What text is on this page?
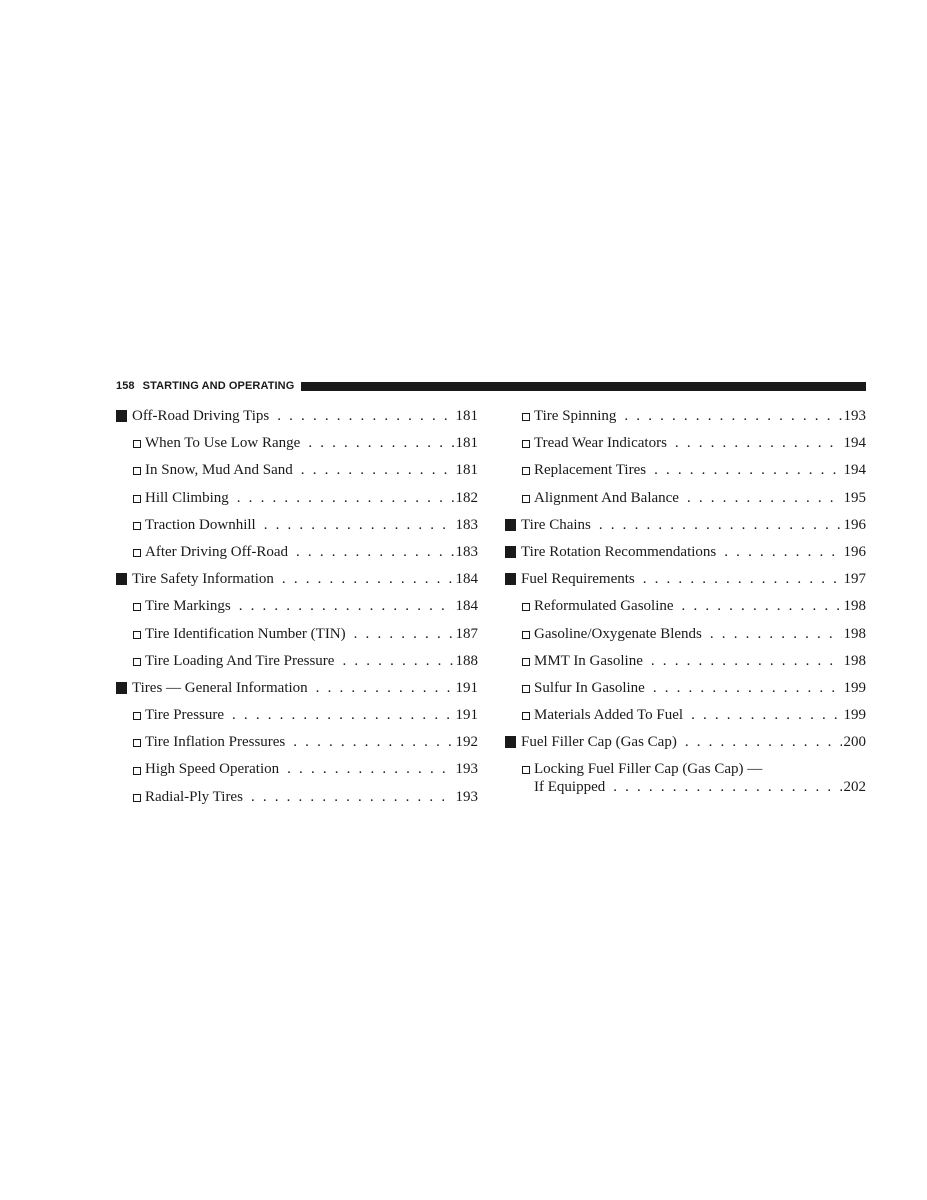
158 STARTING AND OPERATING
Off-Road Driving Tips . . .	181
When To Use Low Range . . .	181
In Snow, Mud And Sand . . .	181
Hill Climbing . . .	182
Traction Downhill . . .	183
After Driving Off-Road . . .	183
Tire Safety Information . . .	184
Tire Markings . . .	184
Tire Identification Number (TIN) . . .	187
Tire Loading And Tire Pressure . . .	188
Tires — General Information . . .	191
Tire Pressure . . .	191
Tire Inflation Pressures . . .	192
High Speed Operation . . .	193
Radial-Ply Tires . . .	193
Tire Spinning . . .	193
Tread Wear Indicators . . .	194
Replacement Tires . . .	194
Alignment And Balance . . .	195
Tire Chains . . .	196
Tire Rotation Recommendations . . .	196
Fuel Requirements . . .	197
Reformulated Gasoline . . .	198
Gasoline/Oxygenate Blends . . .	198
MMT In Gasoline . . .	198
Sulfur In Gasoline . . .	199
Materials Added To Fuel . . .	199
Fuel Filler Cap (Gas Cap) . . .	200
Locking Fuel Filler Cap (Gas Cap) —
If Equipped . . .	202
